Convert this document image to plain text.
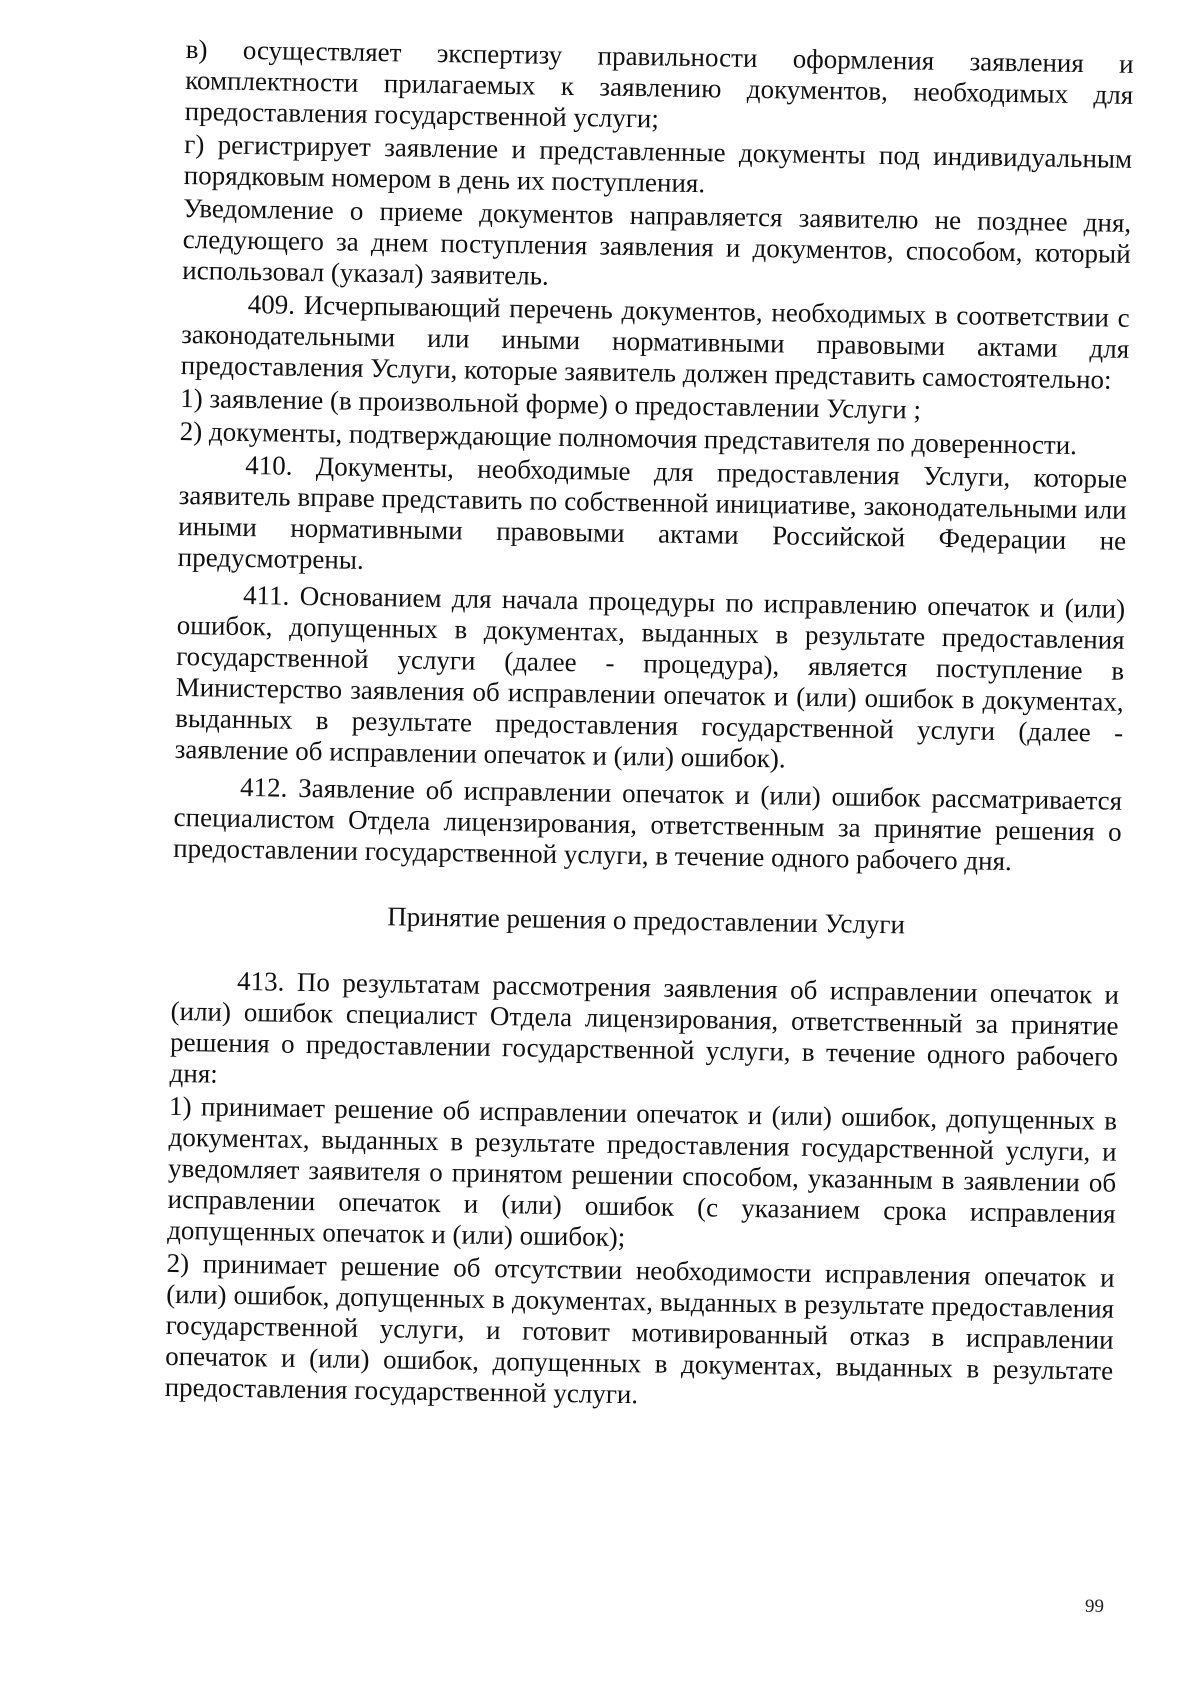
в) осуществляет экспертизу правильности оформления заявления и комплектности прилагаемых к заявлению документов, необходимых для предоставления государственной услуги;

г) регистрирует заявление и представленные документы под индивидуальным порядковым номером в день их поступления.

Уведомление о приеме документов направляется заявителю не позднее дня, следующего за днем поступления заявления и документов, способом, который использовал (указал) заявитель.

409. Исчерпывающий перечень документов, необходимых в соответствии с законодательными или иными нормативными правовыми актами для предоставления Услуги, которые заявитель должен представить самостоятельно:

1) заявление (в произвольной форме) о предоставлении Услуги ;

2) документы, подтверждающие полномочия представителя по доверенности.

410. Документы, необходимые для предоставления Услуги, которые заявитель вправе представить по собственной инициативе, законодательными или иными нормативными правовыми актами Российской Федерации не предусмотрены.

411. Основанием для начала процедуры по исправлению опечаток и (или) ошибок, допущенных в документах, выданных в результате предоставления государственной услуги (далее - процедура), является поступление в Министерство заявления об исправлении опечаток и (или) ошибок в документах, выданных в результате предоставления государственной услуги (далее - заявление об исправлении опечаток и (или) ошибок).

412. Заявление об исправлении опечаток и (или) ошибок рассматривается специалистом Отдела лицензирования, ответственным за принятие решения о предоставлении государственной услуги, в течение одного рабочего дня.

Принятие решения о предоставлении Услуги

413. По результатам рассмотрения заявления об исправлении опечаток и (или) ошибок специалист Отдела лицензирования, ответственный за принятие решения о предоставлении государственной услуги, в течение одного рабочего дня:

1) принимает решение об исправлении опечаток и (или) ошибок, допущенных в документах, выданных в результате предоставления государственной услуги, и уведомляет заявителя о принятом решении способом, указанным в заявлении об исправлении опечаток и (или) ошибок (с указанием срока исправления допущенных опечаток и (или) ошибок);

2) принимает решение об отсутствии необходимости исправления опечаток и (или) ошибок, допущенных в документах, выданных в результате предоставления государственной услуги, и готовит мотивированный отказ в исправлении опечаток и (или) ошибок, допущенных в документах, выданных в результате предоставления государственной услуги.

99
